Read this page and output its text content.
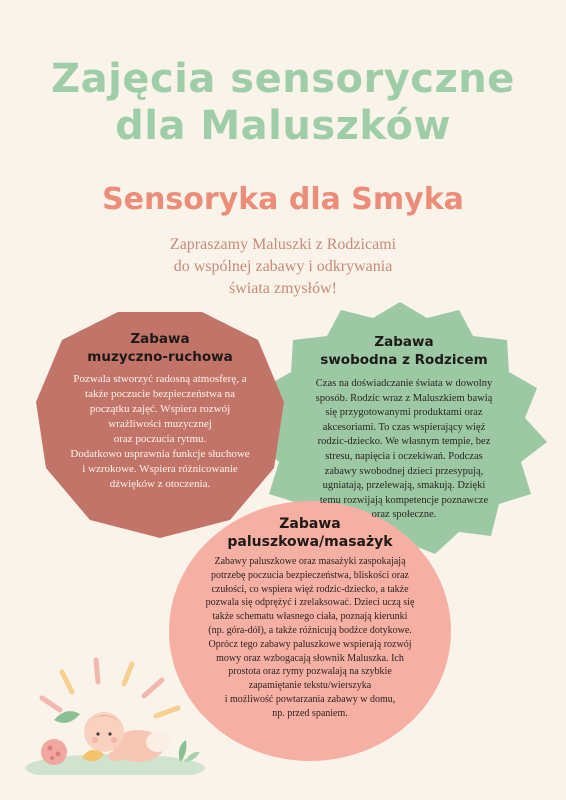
Zajęcia sensoryczne
dla Maluszków
Sensoryka dla Smyka
Zapraszamy Maluszki z Rodzicami
do wspólnej zabawy i odkrywania
świata zmysłów!
Zabawa
muzyczno-ruchowa
Pozwala stworzyć radosną atmosferę, a
także poczucie bezpieczeństwa na
początku zajęć. Wspiera rozwój
wrażliwości muzycznej
oraz poczucia rytmu.
Dodatkowo usprawnia funkcje słuchowe
i wzrokowe. Wspiera różnicowanie
dźwięków z otoczenia.
Zabawa
swobodna z Rodzicem
Czas na doświadczanie świata w dowolny
sposób. Rodzic wraz z Maluszkiem bawią
się przygotowanymi produktami oraz
akcesoriami. To czas wspierający więź
rodzic-dziecko. We własnym tempie, bez
stresu, napięcia i oczekiwań. Podczas
zabawy swobodnej dzieci przesypują,
ugniatają, przelewają, smakują. Dzięki
temu rozwijają kompetencje poznawcze
oraz społeczne.
Zabawa
paluszkowa/masażyk
Zabawy paluszkowe oraz masażyki zaspokajają
potrzebę poczucia bezpieczeństwa, bliskości oraz
czułości, co wspiera więź rodzic-dziecko, a także
pozwala się odprężyć i zrelaksować. Dzieci uczą się
także schematu własnego ciała, poznają kierunki
(np. góra-dół), a także różnicują bodźce dotykowe.
Oprócz tego zabawy paluszkowe wspierają rozwój
mowy oraz wzbogacają słownik Maluszka. Ich
prostota oraz rymy pozwalają na szybkie
zapamiętanie tekstu/wierszyka
i możliwość powtarzania zabawy w domu,
np. przed spaniem.
